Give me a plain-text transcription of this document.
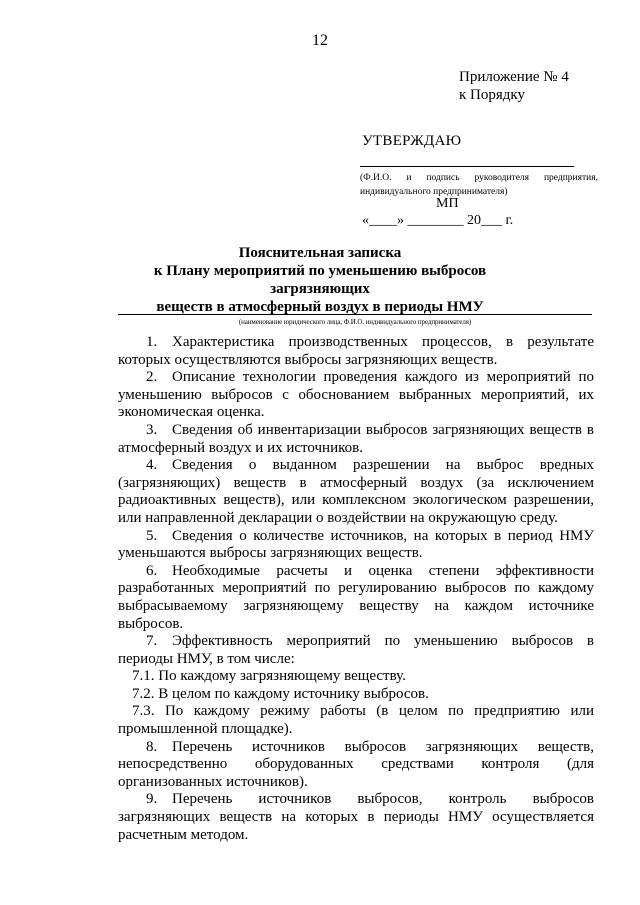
12
Приложение № 4
к Порядку
УТВЕРЖДАЮ
(Ф.И.О. и подпись руководителя предприятия, индивидуального предпринимателя)
МП
«____» ________ 20___ г.
Пояснительная записка
к Плану мероприятий по уменьшению выбросов загрязняющих
веществ в атмосферный воздух в периоды НМУ
(наименование юридического лица, Ф.И.О. индивидуального предпринимателя)

1. Характеристика производственных процессов, в результате которых осуществляются выбросы загрязняющих веществ.

2. Описание технологии проведения каждого из мероприятий по уменьшению выбросов с обоснованием выбранных мероприятий, их экономическая оценка.

3. Сведения об инвентаризации выбросов загрязняющих веществ в атмосферный воздух и их источников.

4. Сведения о выданном разрешении на выброс вредных (загрязняющих) веществ в атмосферный воздух (за исключением радиоактивных веществ), или комплексном экологическом разрешении, или направленной декларации о воздействии на окружающую среду.

5. Сведения о количестве источников, на которых в период НМУ уменьшаются выбросы загрязняющих веществ.

6. Необходимые расчеты и оценка степени эффективности разработанных мероприятий по регулированию выбросов по каждому выбрасываемому загрязняющему веществу на каждом источнике выбросов.

7. Эффективность мероприятий по уменьшению выбросов в периоды НМУ, в том числе:

7.1. По каждому загрязняющему веществу.

7.2. В целом по каждому источнику выбросов.

7.3. По каждому режиму работы (в целом по предприятию или промышленной площадке).

8. Перечень источников выбросов загрязняющих веществ, непосредственно оборудованных средствами контроля (для организованных источников).

9. Перечень источников выбросов, контроль выбросов загрязняющих веществ на которых в периоды НМУ осуществляется расчетным методом.
